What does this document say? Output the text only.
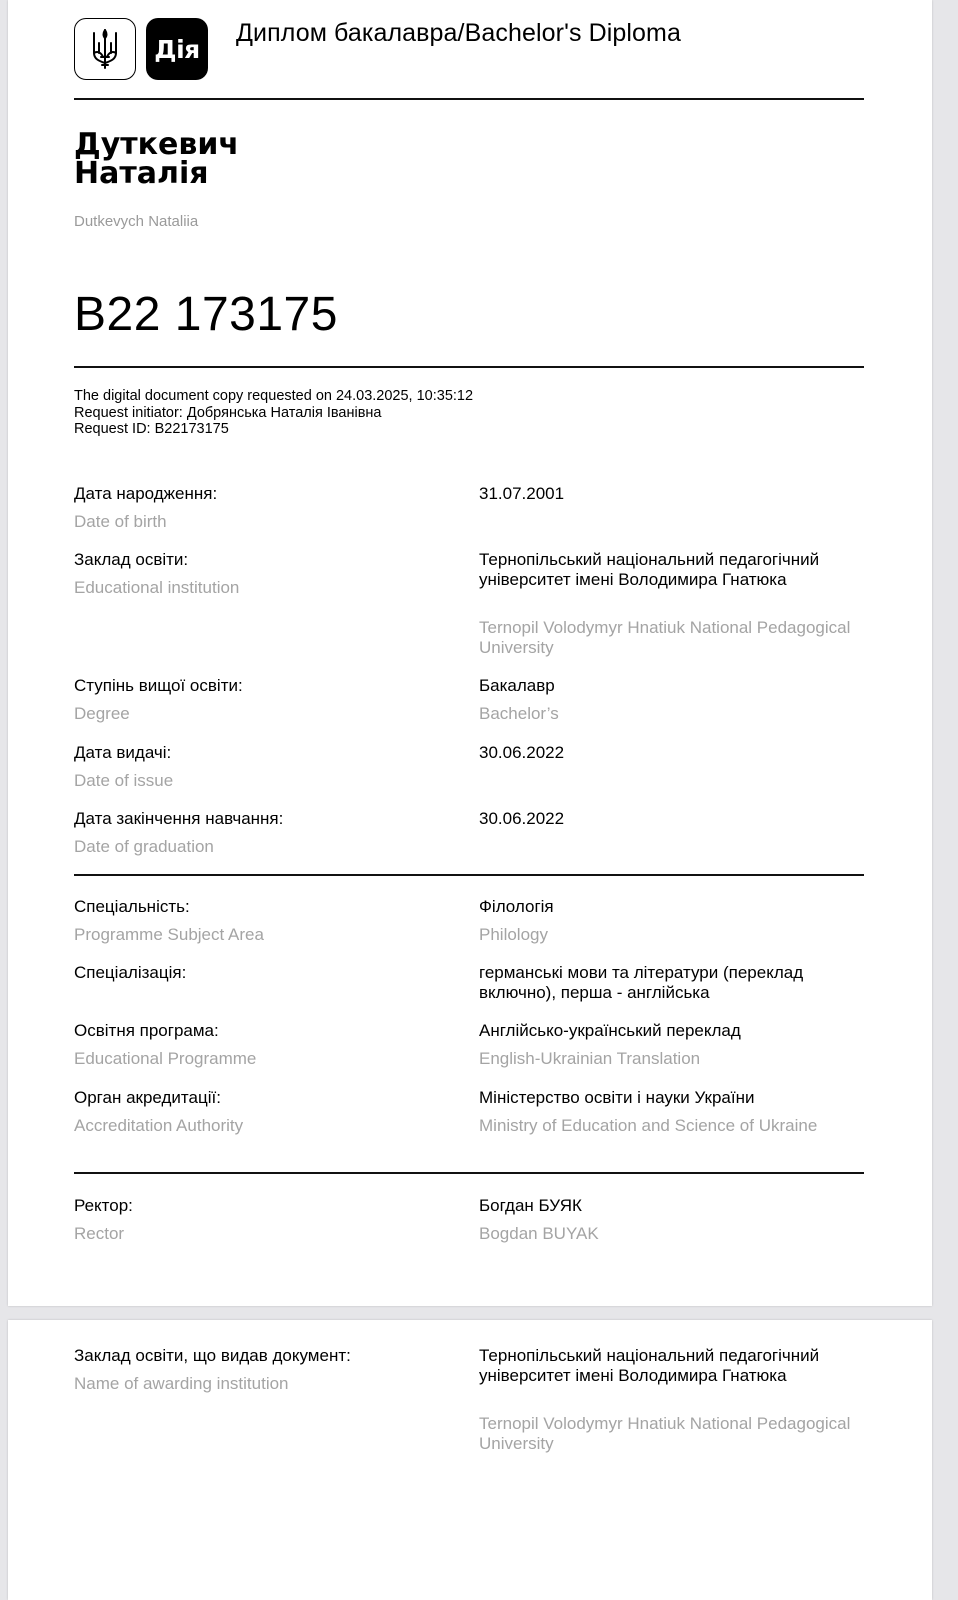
Дія
Диплом бакалавра/Bachelor's Diploma
Дуткевич
Наталія
Dutkevych Nataliia
B22 173175
The digital document copy requested on 24.03.2025, 10:35:12
Request initiator: Добрянська Наталія Іванівна
Request ID: B22173175
Дата народження:
Date of birth
31.07.2001
Заклад освіти:
Educational institution
Тернопільський національний педагогічний університет імені Володимира Гнатюка
Ternopil Volodymyr Hnatiuk National Pedagogical University
Ступінь вищої освіти:
Degree
Бакалавр
Bachelor’s
Дата видачі:
Date of issue
30.06.2022
Дата закінчення навчання:
Date of graduation
30.06.2022
Спеціальність:
Programme Subject Area
Філологія
Philology
Спеціалізація:	германські мови та літератури (переклад включно), перша - англійська
Освітня програма:
Educational Programme
Англійсько-український переклад
English-Ukrainian Translation
Орган акредитації:
Accreditation Authority
Міністерство освіти і науки України
Ministry of Education and Science of Ukraine
Ректор:
Rector
Богдан БУЯК
Bogdan BUYAK
Заклад освіти, що видав документ:
Name of awarding institution
Тернопільський національний педагогічний університет імені Володимира Гнатюка
Ternopil Volodymyr Hnatiuk National Pedagogical University
